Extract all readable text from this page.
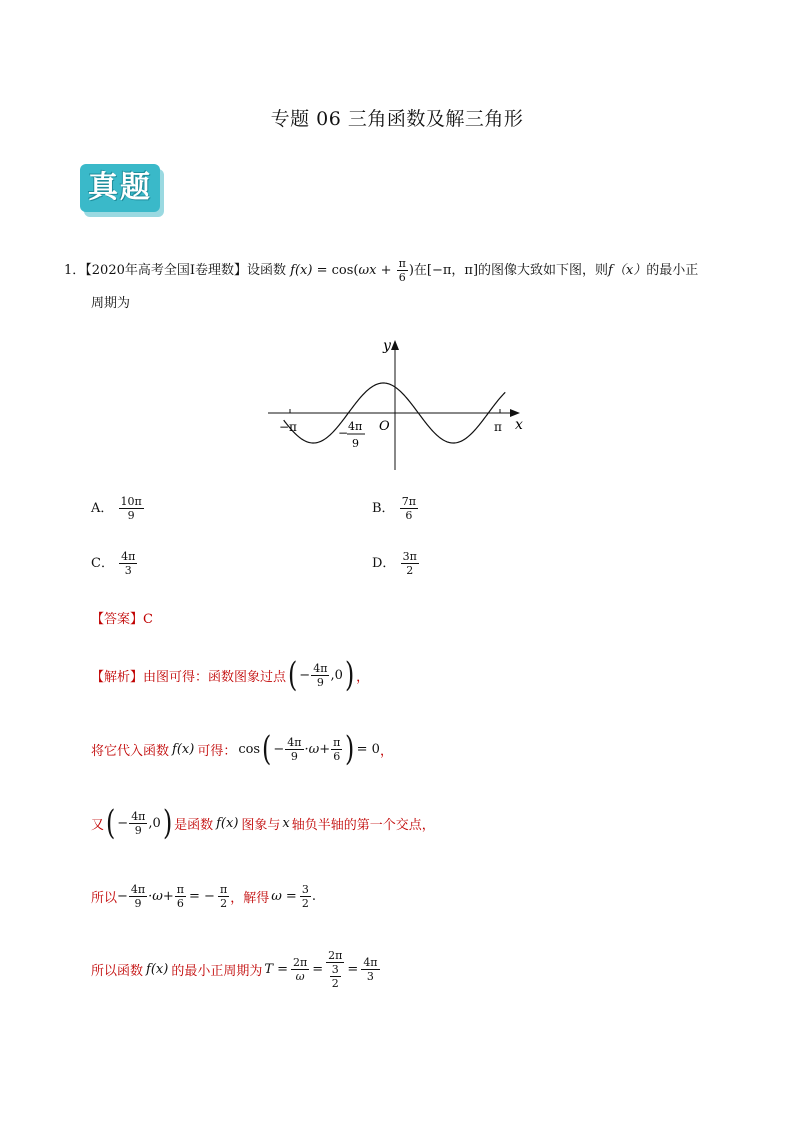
专题 06 三角函数及解三角形
真题
1．【2020年高考全国Ⅰ卷理数】设函数 $f(x) = \cos(\omega x + \frac{\pi}{6}$ )在[−π，π]的图像大致如下图，则f（x）的最小正
周期为
y
x
O
−π	π
− 4π
9
A． $\frac{10\pi}{9}$	B． $\frac{7\pi}{6}$
C． $\frac{4\pi}{3}$	D． $\frac{3\pi}{2}$
【答案】C
【解析】 由图可得：函数图象过点 ( − $\frac{4\pi}{9} ,0$ ) ，
将它代入函数 f(x) 可得： cos ( − $\frac{4\pi}{9} \cdot\omega+ \frac{\pi}{6}$ ) = 0 ，
又 ( − $\frac{4\pi}{9} ,0$ ) 是函数 f(x) 图象与 x 轴负半轴的第一个交点，
所以 − $\frac{4\pi}{9} \cdot\omega+ \frac{\pi}{6}$ = − $\frac{\pi}{2}$ ，解得 $\omega = \frac{3}{2}$ .
所以函数 f(x) 的最小正周期为 $T = \frac{2\pi}{\omega} = \frac{2\pi}{\frac{3}{2}} = \frac{4\pi}{3}$
